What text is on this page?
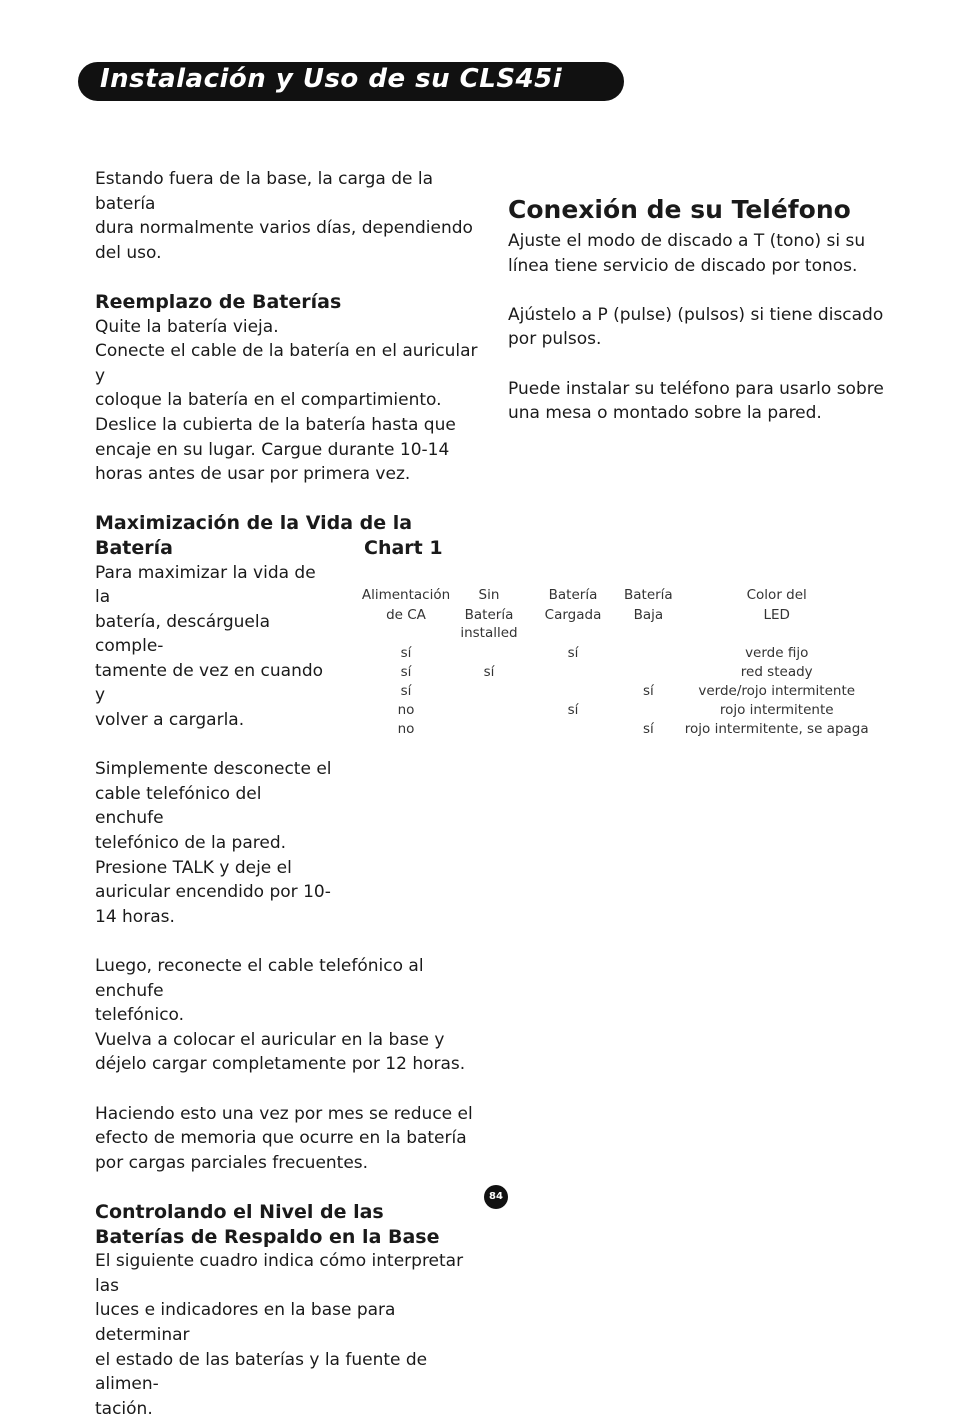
Instalación y Uso de su CLS45i

Estando fuera de la base, la carga de la batería

dura normalmente varios días, dependiendo

del uso.

Reemplazo de Baterías

Quite la batería vieja.

Conecte el cable de la batería en el auricular y

coloque la batería en el compartimiento.

Deslice la cubierta de la batería hasta que

encaje en su lugar. Cargue durante 10-14

horas antes de usar por primera vez.

Maximización de la Vida de la
Batería

Para maximizar la vida de la

batería, descárguela comple-

tamente de vez en cuando y

volver a cargarla.

Simplemente desconecte el

cable telefónico del enchufe

telefónico de la pared.

Presione TALK y deje el

auricular encendido por 10-

14 horas.

Luego, reconecte el cable telefónico al enchufe

telefónico.

Vuelva a colocar el auricular en la base y

déjelo cargar completamente por 12 horas.

Haciendo esto una vez por mes se reduce el

efecto de memoria que ocurre en la batería

por cargas parciales frecuentes.

Controlando el Nivel de las
Baterías de Respaldo en la Base

El siguiente cuadro indica cómo interpretar las

luces e indicadores en la base para determinar

el estado de las baterías y la fuente de alimen-

tación.

Conexión de su Teléfono

Ajuste el modo de discado a T (tono) si su

línea tiene servicio de discado por tonos.

Ajústelo a P (pulse) (pulsos) si tiene discado

por pulsos.

Puede instalar su teléfono para usarlo sobre

una mesa o montado sobre la pared.

Chart 1
Alimentación	Sin	Batería	Batería	Color del
de CA	Batería	Cargada	Baja	LED
	installed			
sí		sí		verde fijo
sí	sí			red steady
sí			sí	verde/rojo intermitente
no		sí		rojo intermitente
no			sí	rojo intermitente, se apaga
84
